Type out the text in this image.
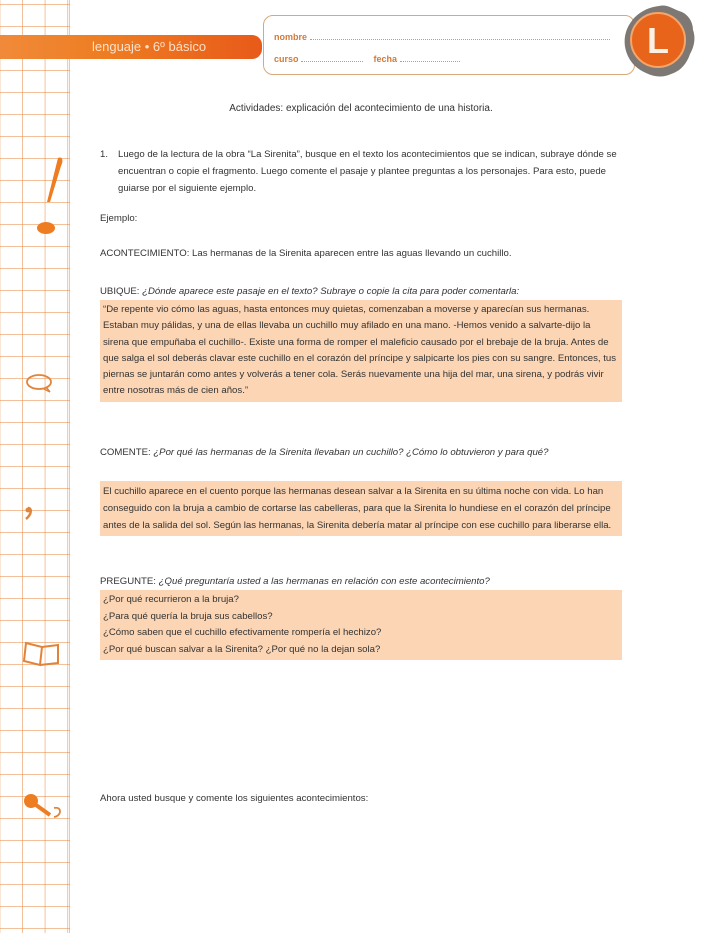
lenguaje • 6º básico
nombre
curso	fecha	L
Actividades: explicación del acontecimiento de una historia.
1. Luego de la lectura de la obra “La Sirenita”, busque en el texto los acontecimientos que se indican, subraye dónde se encuentran o copie el fragmento. Luego comente el pasaje y plantee preguntas a los personajes. Para esto, puede guiarse por el siguiente ejemplo.
Ejemplo:
ACONTECIMIENTO: Las hermanas de la Sirenita aparecen entre las aguas llevando un cuchillo.
UBIQUE: ¿Dónde aparece este pasaje en el texto? Subraye o copie la cita para poder comentarla:
“De repente vio cómo las aguas, hasta entonces muy quietas, comenzaban a moverse y aparecían sus hermanas. Estaban muy pálidas, y una de ellas llevaba un cuchillo muy afilado en una mano. -Hemos venido a salvarte-dijo la sirena que empuñaba el cuchillo-. Existe una forma de romper el maleficio causado por el brebaje de la bruja. Antes de que salga el sol deberás clavar este cuchillo en el corazón del príncipe y salpicarte los pies con su sangre. Entonces, tus piernas se juntarán como antes y volverás a tener cola. Serás nuevamente una hija del mar, una sirena, y podrás vivir entre nosotras más de cien años.”
COMENTE: ¿Por qué las hermanas de la Sirenita llevaban un cuchillo? ¿Cómo lo obtuvieron y para qué?
El cuchillo aparece en el cuento porque las hermanas desean salvar a la Sirenita en su última noche con vida. Lo han conseguido con la bruja a cambio de cortarse las cabelleras, para que la Sirenita lo hundiese en el corazón del príncipe antes de la salida del sol. Según las hermanas, la Sirenita debería matar al príncipe con ese cuchillo para liberarse ella.
PREGUNTE: ¿Qué preguntaría usted a las hermanas en relación con este acontecimiento?
¿Por qué recurrieron a la bruja?
¿Para qué quería la bruja sus cabellos?
¿Cómo saben que el cuchillo efectivamente rompería el hechizo?
¿Por qué buscan salvar a la Sirenita? ¿Por qué no la dejan sola?
Ahora usted busque y comente los siguientes acontecimientos:
